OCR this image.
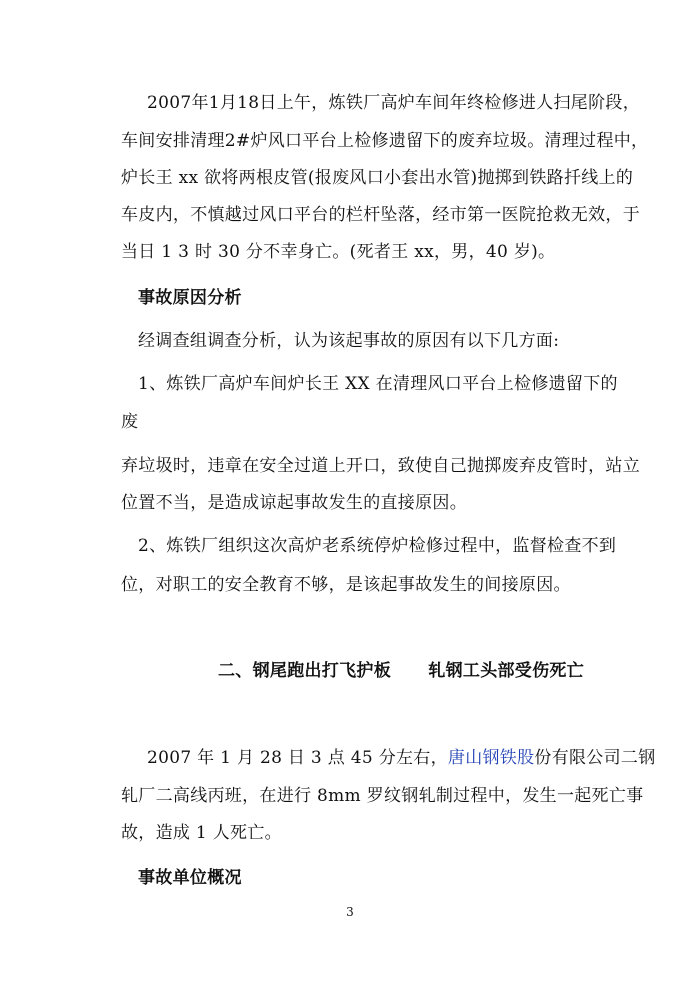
2007年1月18日上午，炼铁厂高炉车间年终检修进人扫尾阶段，

车间安排清理2#炉风口平台上检修遗留下的废弃垃圾。清理过程中，

炉长王 xx 欲将两根皮管(报废风口小套出水管)抛掷到铁路扦线上的

车皮内，不慎越过风口平台的栏杆坠落，经市第一医院抢救无效，于

当日 1 3 时 30 分不幸身亡。(死者王 xx，男，40 岁)。

事故原因分析

经调查组调查分析，认为该起事故的原因有以下几方面:

1、炼铁厂高炉车间炉长王 XX 在清理风口平台上检修遗留下的

废

弃垃圾时，违章在安全过道上开口，致使自己抛掷废弃皮管时，站立

位置不当，是造成谅起事故发生的直接原因。

2、炼铁厂组织这次高炉老系统停炉检修过程中，监督检查不到

位，对职工的安全教育不够，是该起事故发生的间接原因。

二、钢尾跑出打飞护板      轧钢工头部受伤死亡

2007 年 1 月 28 日 3 点 45 分左右，唐山钢铁股份有限公司二钢

轧厂二高线丙班，在进行 8mm 罗纹钢轧制过程中，发生一起死亡事

故，造成 1 人死亡。

事故单位概况

3
